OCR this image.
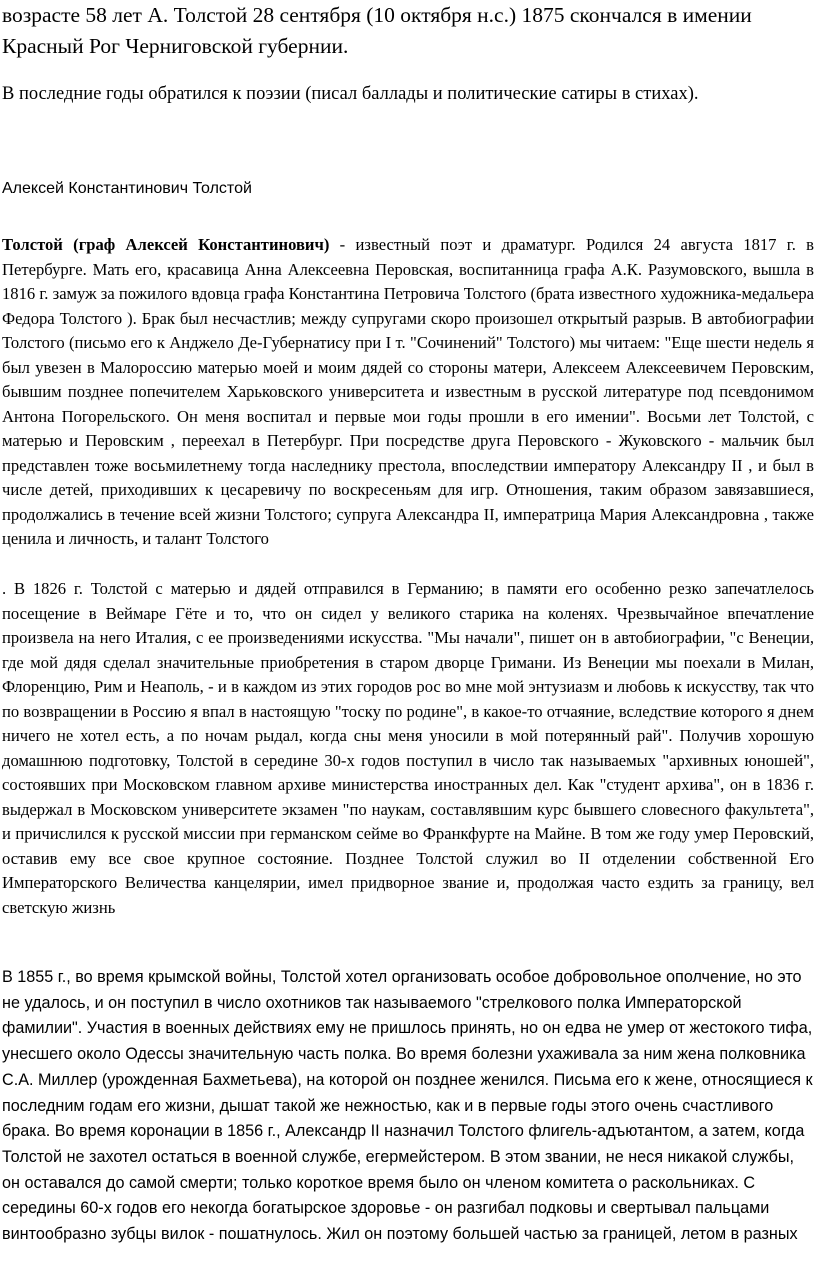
возрасте 58 лет А. Толстой 28 сентября (10 октября н.с.) 1875 скончался в имении Красный Рог Черниговской губернии.

В последние годы обратился к поэзии (писал баллады и политические сатиры в стихах).

Алексей Константинович Толстой

Толстой (граф Алексей Константинович) - известный поэт и драматург. Родился 24 августа 1817 г. в Петербурге. Мать его, красавица Анна Алексеевна Перовская, воспитанница графа А.К. Разумовского, вышла в 1816 г. замуж за пожилого вдовца графа Константина Петровича Толстого (брата известного художника-медальера Федора Толстого ). Брак был несчастлив; между супругами скоро произошел открытый разрыв. В автобиографии Толстого (письмо его к Анджело Де-Губернатису при I т. "Сочинений" Толстого) мы читаем: "Еще шести недель я был увезен в Малороссию матерью моей и моим дядей со стороны матери, Алексеем Алексеевичем Перовским, бывшим позднее попечителем Харьковского университета и известным в русской литературе под псевдонимом Антона Погорельского. Он меня воспитал и первые мои годы прошли в его имении". Восьми лет Толстой, с матерью и Перовским , переехал в Петербург. При посредстве друга Перовского - Жуковского - мальчик был представлен тоже восьмилетнему тогда наследнику престола, впоследствии императору Александру II , и был в числе детей, приходивших к цесаревичу по воскресеньям для игр. Отношения, таким образом завязавшиеся, продолжались в течение всей жизни Толстого; супруга Александра II, императрица Мария Александровна , также ценила и личность, и талант Толстого

. В 1826 г. Толстой с матерью и дядей отправился в Германию; в памяти его особенно резко запечатлелось посещение в Веймаре Гёте и то, что он сидел у великого старика на коленях. Чрезвычайное впечатление произвела на него Италия, с ее произведениями искусства. "Мы начали", пишет он в автобиографии, "с Венеции, где мой дядя сделал значительные приобретения в старом дворце Гримани. Из Венеции мы поехали в Милан, Флоренцию, Рим и Неаполь, - и в каждом из этих городов рос во мне мой энтузиазм и любовь к искусству, так что по возвращении в Россию я впал в настоящую "тоску по родине", в какое-то отчаяние, вследствие которого я днем ничего не хотел есть, а по ночам рыдал, когда сны меня уносили в мой потерянный рай". Получив хорошую домашнюю подготовку, Толстой в середине 30-х годов поступил в число так называемых "архивных юношей", состоявших при Московском главном архиве министерства иностранных дел. Как "студент архива", он в 1836 г. выдержал в Московском университете экзамен "по наукам, составлявшим курс бывшего словесного факультета", и причислился к русской миссии при германском сейме во Франкфурте на Майне. В том же году умер Перовский, оставив ему все свое крупное состояние. Позднее Толстой служил во II отделении собственной Его Императорского Величества канцелярии, имел придворное звание и, продолжая часто ездить за границу, вел светскую жизнь

В 1855 г., во время крымской войны, Толстой хотел организовать особое добровольное ополчение, но это не удалось, и он поступил в число охотников так называемого "стрелкового полка Императорской фамилии". Участия в военных действиях ему не пришлось принять, но он едва не умер от жестокого тифа, унесшего около Одессы значительную часть полка. Во время болезни ухаживала за ним жена полковника С.А. Миллер (урожденная Бахметьева), на которой он позднее женился. Письма его к жене, относящиеся к последним годам его жизни, дышат такой же нежностью, как и в первые годы этого очень счастливого брака. Во время коронации в 1856 г., Александр II назначил Толстого флигель-адъютантом, а затем, когда Толстой не захотел остаться в военной службе, егермейстером. В этом звании, не неся никакой службы, он оставался до самой смерти; только короткое время было он членом комитета о раскольниках. С середины 60-х годов его некогда богатырское здоровье - он разгибал подковы и свертывал пальцами винтообразно зубцы вилок - пошатнулось. Жил он поэтому большей частью за границей, летом в разных
